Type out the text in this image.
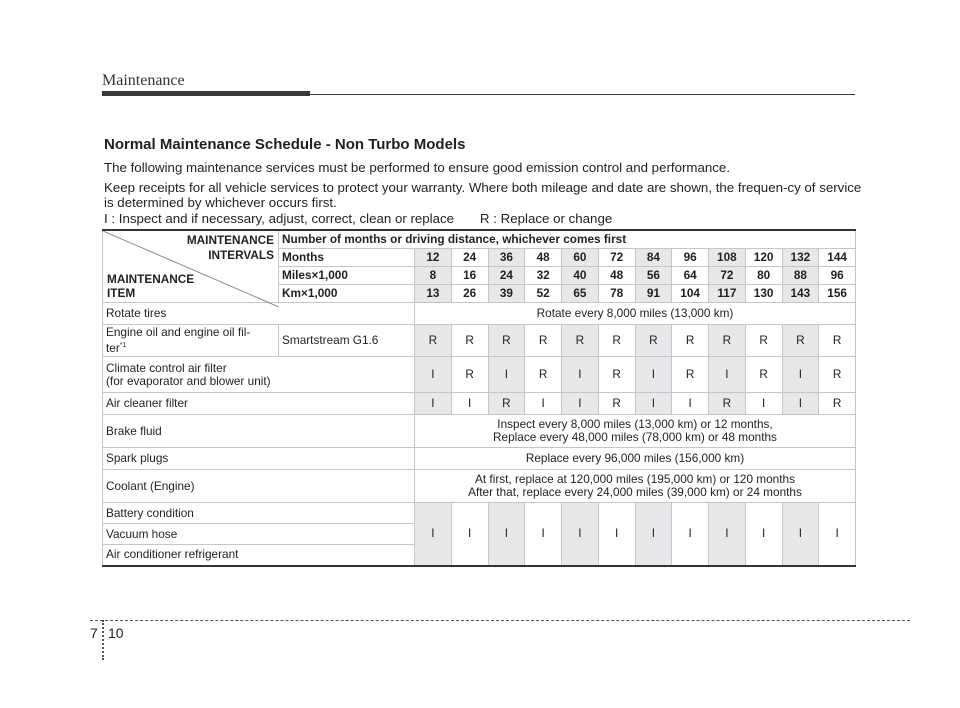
Maintenance
Normal Maintenance Schedule - Non Turbo Models
The following maintenance services must be performed to ensure good emission control and performance.
Keep receipts for all vehicle services to protect your warranty. Where both mileage and date are shown, the frequen-cy of service is determined by whichever occurs first.
I : Inspect and if necessary, adjust, correct, clean or replace       R : Replace or change
MAINTENANCE
INTERVALS
MAINTENANCE
ITEM	Number of months or driving distance, whichever comes first												
	Months	12	24	36	48	60	72	84	96	108	120	132	144
	Miles×1,000	8	16	24	32	40	48	56	64	72	80	88	96
	Km×1,000	13	26	39	52	65	78	91	104	117	130	143	156
Rotate tires		Rotate every 8,000 miles (13,000 km)											
Engine oil and engine oil fil-
ter$^{*1}$	Smartstream G1.6	R	R	R	R	R	R	R	R	R	R	R	R
Climate control air filter
(for evaporator and blower unit)		I	R	I	R	I	R	I	R	I	R	I	R
Air cleaner filter		I	I	R	I	I	R	I	I	R	I	I	R
Brake fluid		Inspect every 8,000 miles (13,000 km) or 12 months,
Replace every 48,000 miles (78,000 km) or 48 months											
Spark plugs		Replace every 96,000 miles (156,000 km)											
Coolant (Engine)		At first, replace at 120,000 miles (195,000 km) or 120 months
After that, replace every 24,000 miles (39,000 km) or 24 months											
Battery condition		I	I	I	I	I	I	I	I	I	I	I	I
Vacuum hose													
Air conditioner refrigerant													
7 10
